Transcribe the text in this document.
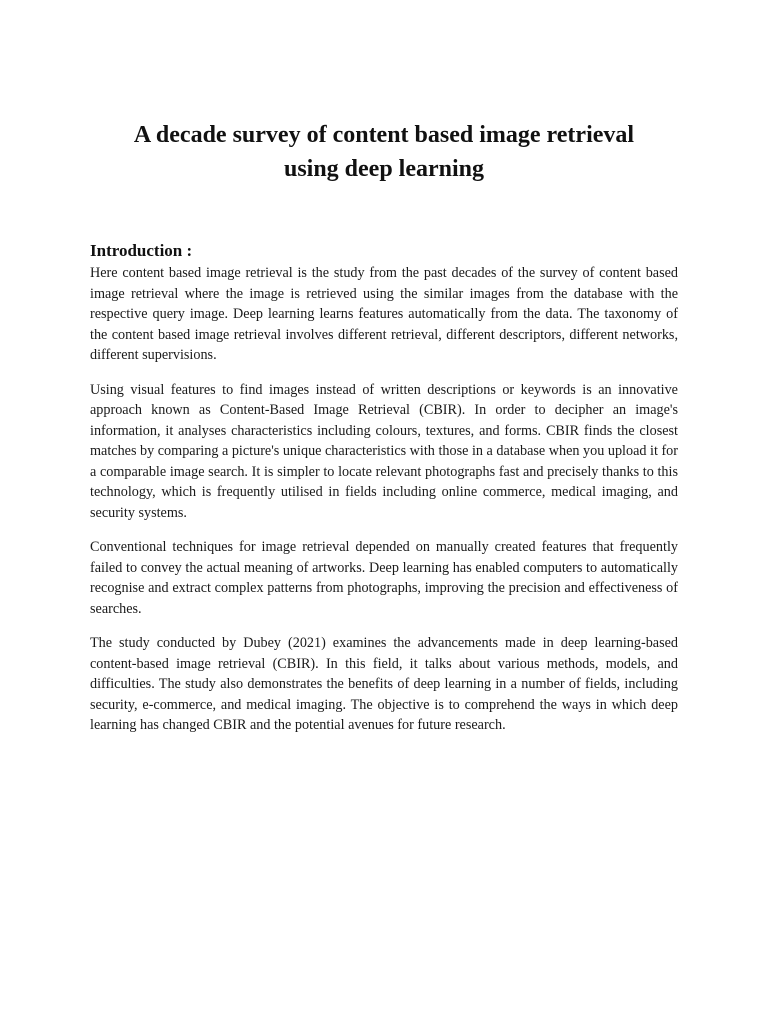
A decade survey of content based image retrieval
using deep learning
Introduction :

Here content based image retrieval is the study from the past decades of the survey of content based image retrieval where the image is retrieved using the similar images from the database with the respective query image. Deep learning learns features automatically from the data. The taxonomy of the content based image retrieval involves different retrieval, different descriptors, different networks, different supervisions.

Using visual features to find images instead of written descriptions or keywords is an innovative approach known as Content-Based Image Retrieval (CBIR). In order to decipher an image's information, it analyses characteristics including colours, textures, and forms. CBIR finds the closest matches by comparing a picture's unique characteristics with those in a database when you upload it for a comparable image search. It is simpler to locate relevant photographs fast and precisely thanks to this technology, which is frequently utilised in fields including online commerce, medical imaging, and security systems.

Conventional techniques for image retrieval depended on manually created features that frequently failed to convey the actual meaning of artworks. Deep learning has enabled computers to automatically recognise and extract complex patterns from photographs, improving the precision and effectiveness of searches.

The study conducted by Dubey (2021) examines the advancements made in deep learning-based content-based image retrieval (CBIR). In this field, it talks about various methods, models, and difficulties. The study also demonstrates the benefits of deep learning in a number of fields, including security, e-commerce, and medical imaging. The objective is to comprehend the ways in which deep learning has changed CBIR and the potential avenues for future research.
